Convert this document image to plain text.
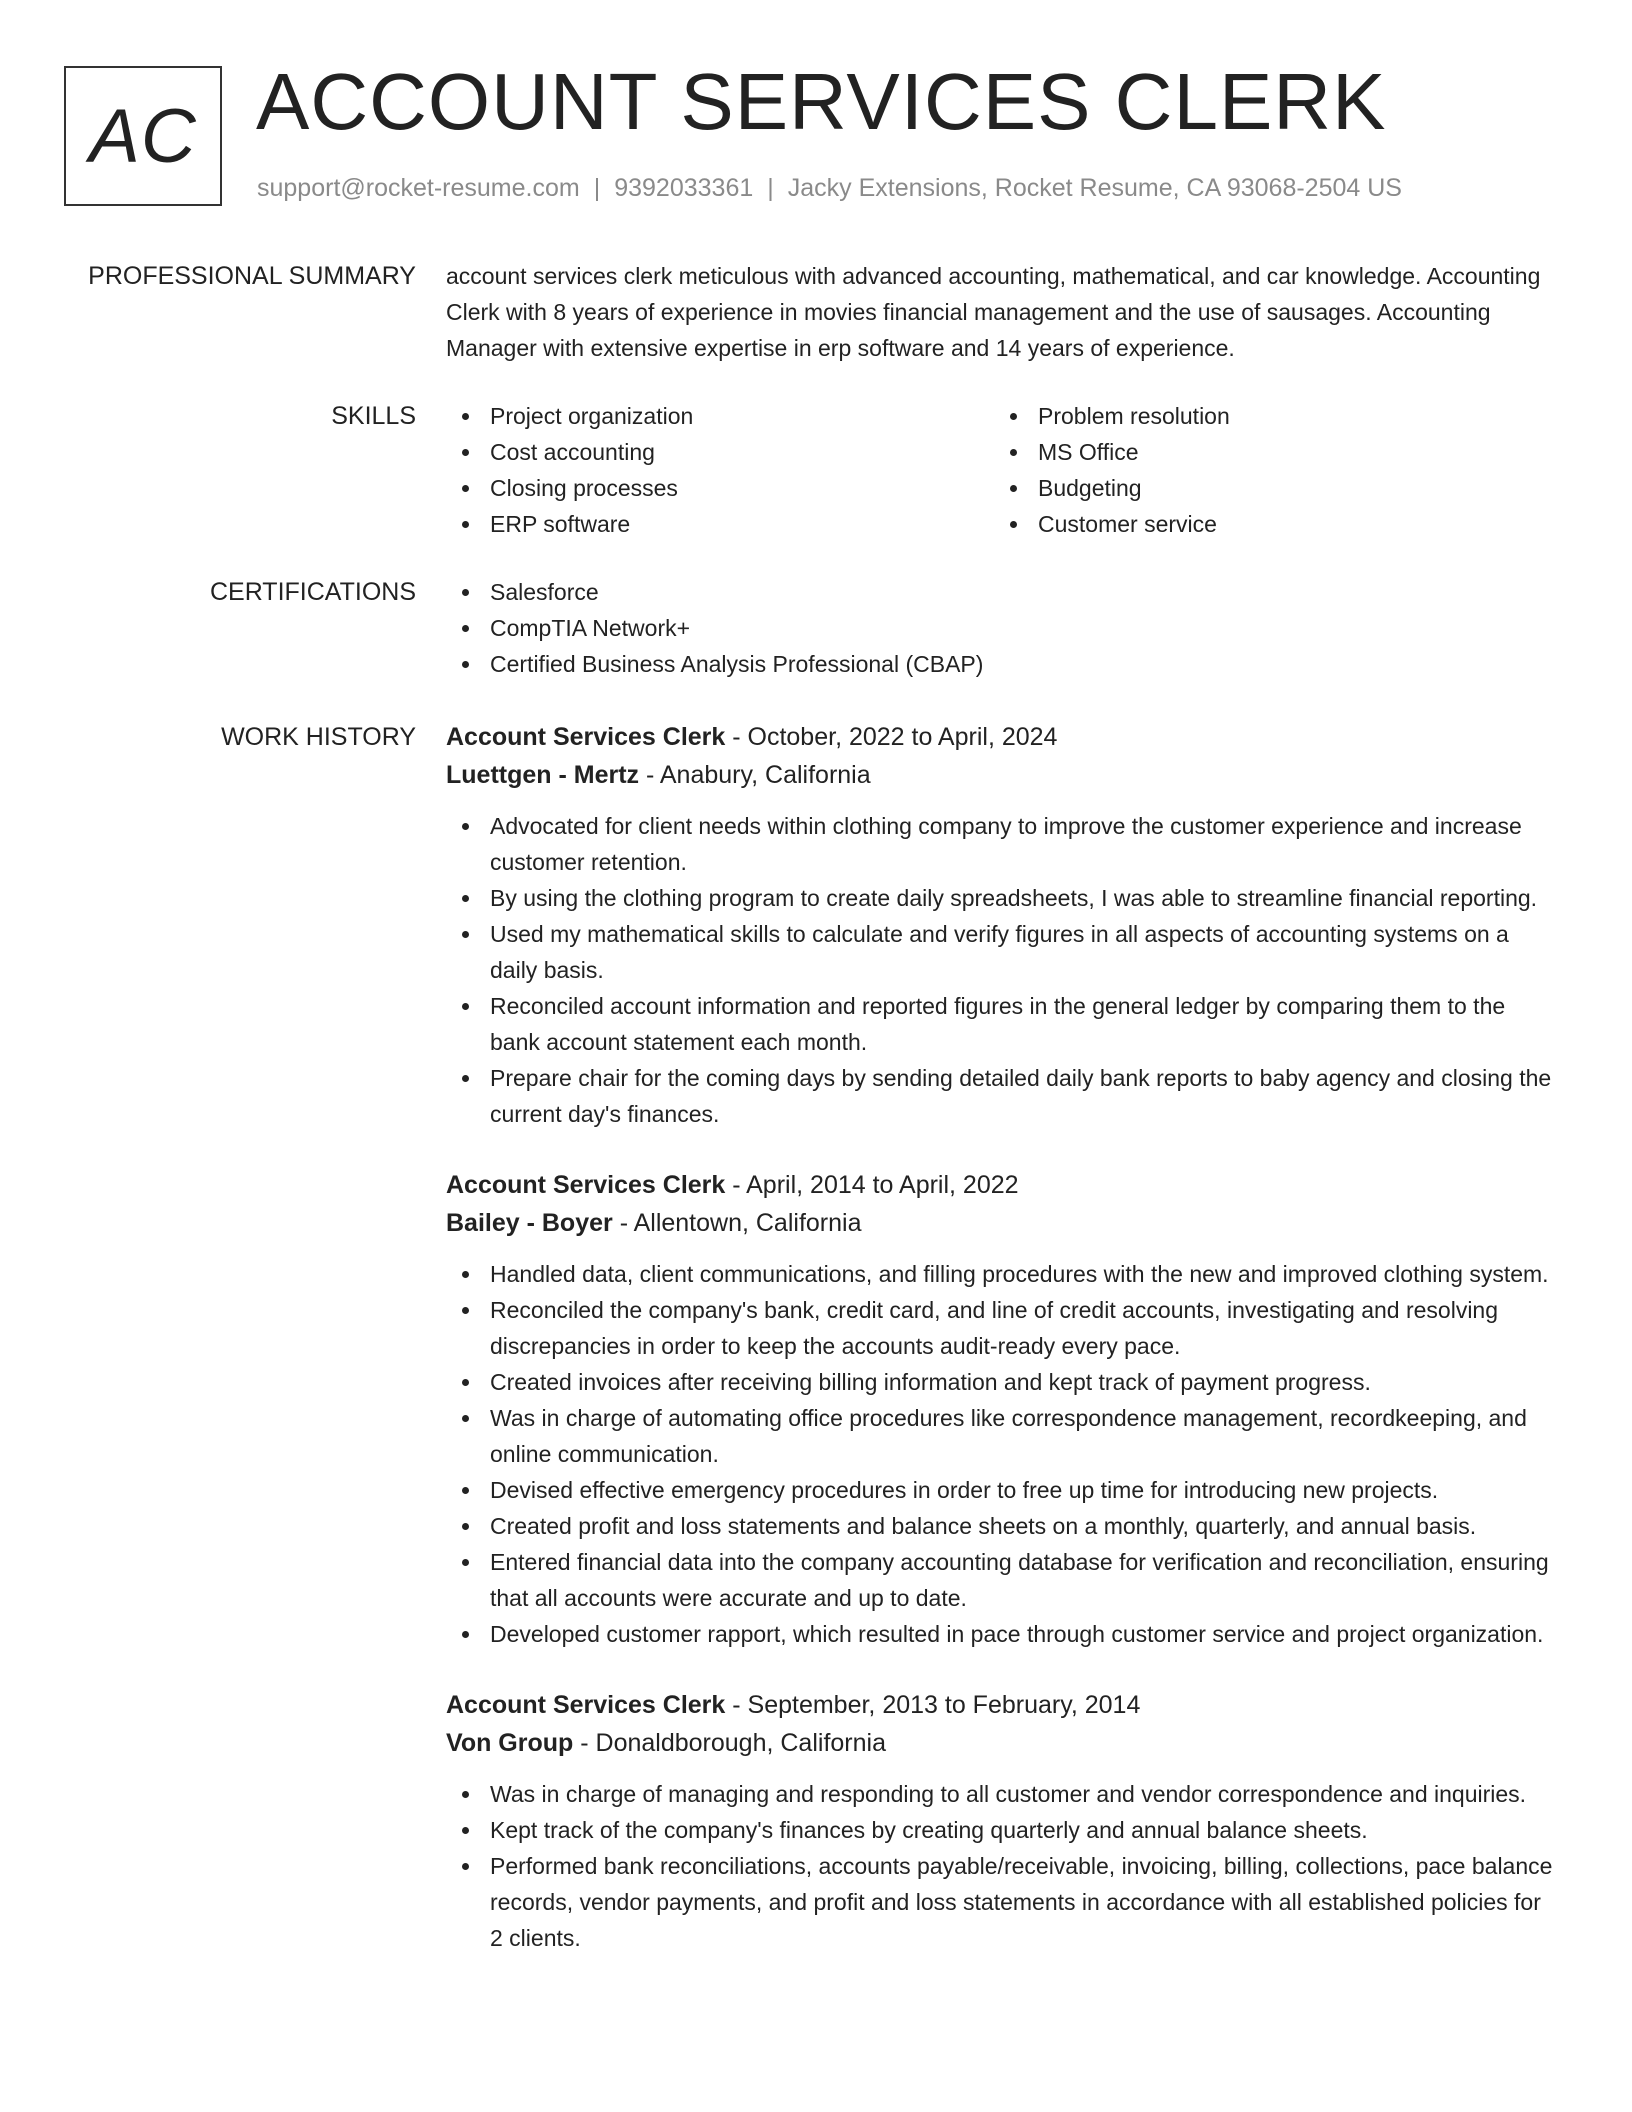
AC ACCOUNT SERVICES CLERK
support@rocket-resume.com | 9392033361 | Jacky Extensions, Rocket Resume, CA 93068-2504 US
PROFESSIONAL SUMMARY account services clerk meticulous with advanced accounting, mathematical, and car knowledge. Accounting Clerk with 8 years of experience in movies financial management and the use of sausages. Accounting Manager with extensive expertise in erp software and 14 years of experience.

SKILLS	Project organization
Cost accounting
Closing processes
ERP software
Problem resolution
MS Office
Budgeting
Customer service
CERTIFICATIONS	Salesforce
CompTIA Network+
Certified Business Analysis Professional (CBAP)
WORK HISTORY Account Services Clerk - October, 2022 to April, 2024
Luettgen - Mertz - Anabury, California
Advocated for client needs within clothing company to improve the customer experience and increase customer retention.
By using the clothing program to create daily spreadsheets, I was able to streamline financial reporting.
Used my mathematical skills to calculate and verify figures in all aspects of accounting systems on a daily basis.
Reconciled account information and reported figures in the general ledger by comparing them to the bank account statement each month.
Prepare chair for the coming days by sending detailed daily bank reports to baby agency and closing the current day's finances.
Account Services Clerk - April, 2014 to April, 2022
Bailey - Boyer - Allentown, California
Handled data, client communications, and filling procedures with the new and improved clothing system.
Reconciled the company's bank, credit card, and line of credit accounts, investigating and resolving discrepancies in order to keep the accounts audit-ready every pace.
Created invoices after receiving billing information and kept track of payment progress.
Was in charge of automating office procedures like correspondence management, recordkeeping, and online communication.
Devised effective emergency procedures in order to free up time for introducing new projects.
Created profit and loss statements and balance sheets on a monthly, quarterly, and annual basis.
Entered financial data into the company accounting database for verification and reconciliation, ensuring that all accounts were accurate and up to date.
Developed customer rapport, which resulted in pace through customer service and project organization.
Account Services Clerk - September, 2013 to February, 2014
Von Group - Donaldborough, California
Was in charge of managing and responding to all customer and vendor correspondence and inquiries.
Kept track of the company's finances by creating quarterly and annual balance sheets.
Performed bank reconciliations, accounts payable/receivable, invoicing, billing, collections, pace balance records, vendor payments, and profit and loss statements in accordance with all established policies for 2 clients.
